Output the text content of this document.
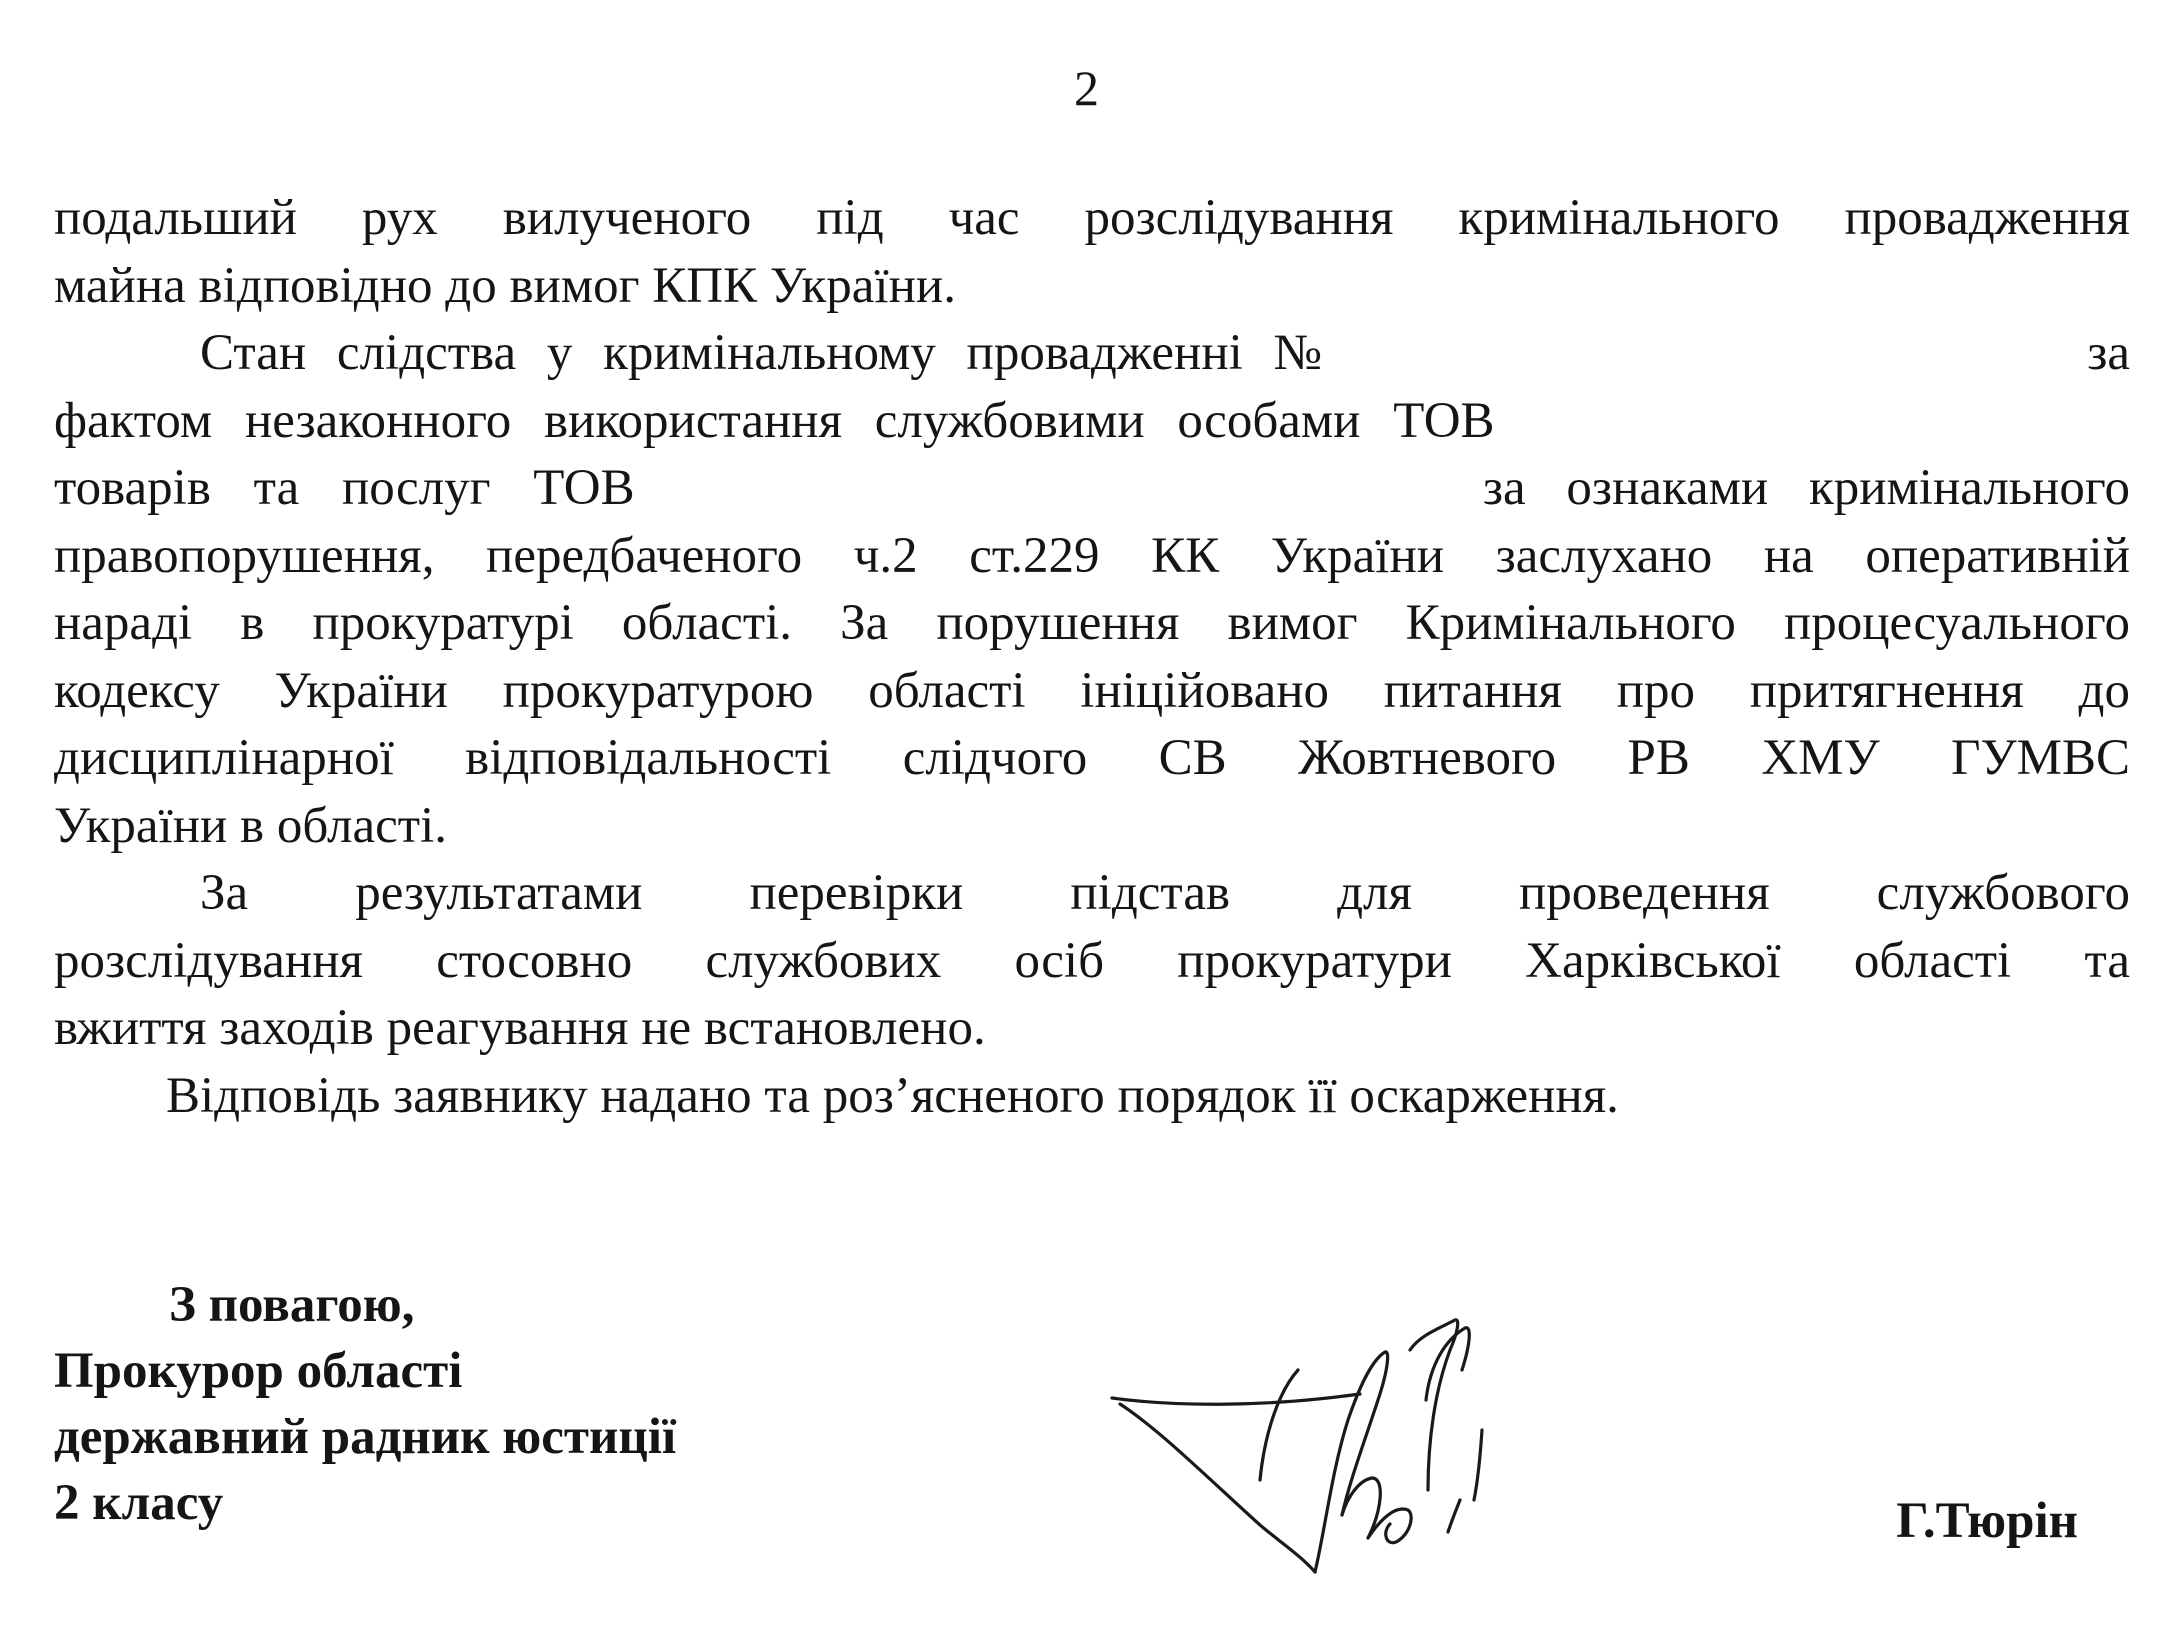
2

подальший рух вилученого під час розслідування кримінального провадження
майна відповідно до вимог КПК України.

Стан слідства у кримінальному провадженні №	за
фактом незаконного використання службовими особами ТОВ
товарів та послуг ТОВ	за ознаками кримінального
правопорушення, передбаченого ч.2 ст.229 КК України заслухано на оперативній
нараді в прокуратурі області. За порушення вимог Кримінального процесуального
кодексу України прокуратурою області ініційовано питання про притягнення до
дисциплінарної відповідальності слідчого СВ Жовтневого РВ ХМУ ГУМВС
України в області.

За результатами перевірки підстав для проведення службового
розслідування стосовно службових осіб прокуратури Харківської області та
вжиття заходів реагування не встановлено.

Відповідь заявнику надано та роз’ясненого порядок її оскарження.

З повагою,
Прокурор області
державний радник юстиції
2 класу	Г.Тюрін
